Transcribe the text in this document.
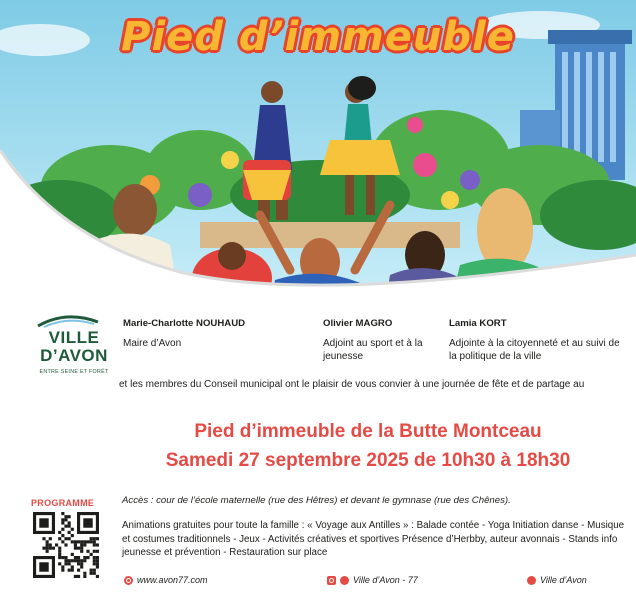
Pied d’immeuble
VILLE
D’AVON
ENTRE SEINE ET FORÊT
Marie-Charlotte NOUHAUD
Maire d’Avon
Olivier MAGRO
Adjoint au sport et à la jeunesse
Lamia KORT
Adjointe à la citoyenneté et au suivi de la politique de la ville
et les membres du Conseil municipal ont le plaisir de vous convier à une journée de fête et de partage au
Pied d’immeuble de la Butte Montceau
Samedi 27 septembre 2025 de 10h30 à 18h30
PROGRAMME	Accès : cour de l’école maternelle (rue des Hêtres) et devant le gymnase (rue des Chênes).
Animations gratuites pour toute la famille : « Voyage aux Antilles » : Balade contée - Yoga Initiation danse - Musique et costumes traditionnels - Jeux - Activités créatives et sportives Présence d’Herbby, auteur avonnais - Stands info jeunesse et prévention - Restauration sur place
www.avon77.com	Ville d’Avon - 77	Ville d’Avon
